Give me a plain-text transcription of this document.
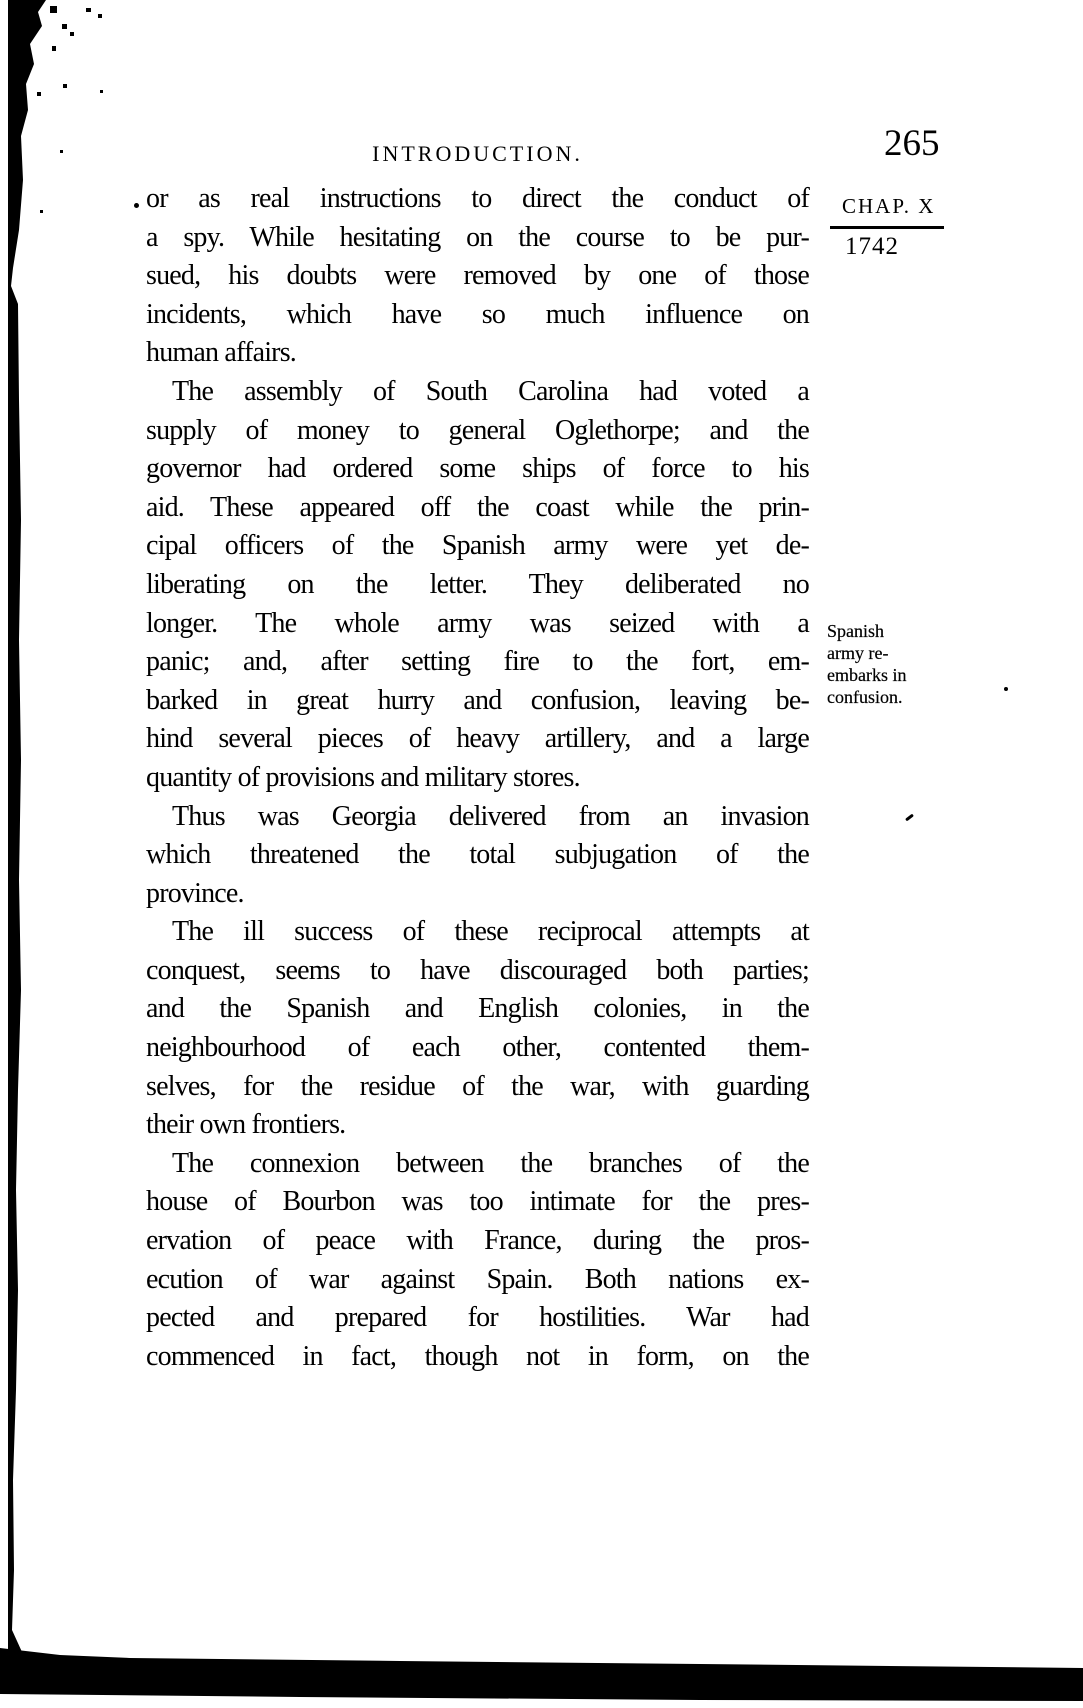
INTRODUCTION.	265
CHAP. X
1742
Spanish
army re-
embarks in
confusion.
or as real instructions to direct the conduct of
a spy. While hesitating on the course to be pur-
sued, his doubts were removed by one of those
incidents, which have so much influence on
human affairs.
The assembly of South Carolina had voted a
supply of money to general Oglethorpe; and the
governor had ordered some ships of force to his
aid. These appeared off the coast while the prin-
cipal officers of the Spanish army were yet de-
liberating on the letter. They deliberated no
longer. The whole army was seized with a
panic; and, after setting fire to the fort, em-
barked in great hurry and confusion, leaving be-
hind several pieces of heavy artillery, and a large
quantity of provisions and military stores.
Thus was Georgia delivered from an invasion
which threatened the total subjugation of the
province.
The ill success of these reciprocal attempts at
conquest, seems to have discouraged both parties;
and the Spanish and English colonies, in the
neighbourhood of each other, contented them-
selves, for the residue of the war, with guarding
their own frontiers.
The connexion between the branches of the
house of Bourbon was too intimate for the pres-
ervation of peace with France, during the pros-
ecution of war against Spain. Both nations ex-
pected and prepared for hostilities. War had
commenced in fact, though not in form, on the
